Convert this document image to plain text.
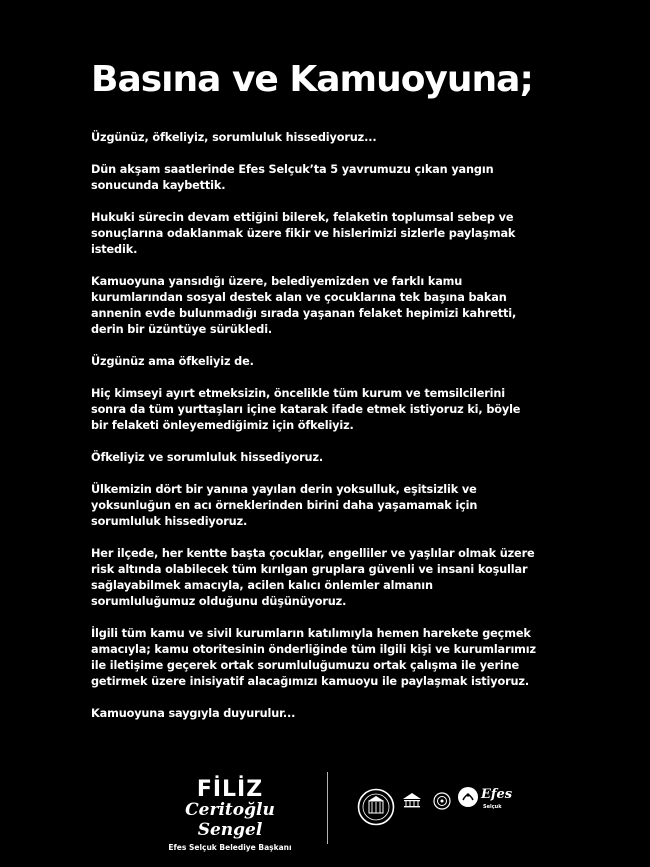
Basına ve Kamuoyuna;

Üzgünüz, öfkeliyiz, sorumluluk hissediyoruz...

Dün akşam saatlerinde Efes Selçuk’ta 5 yavrumuzu çıkan yangın
sonucunda kaybettik.

Hukuki sürecin devam ettiğini bilerek, felaketin toplumsal sebep ve
sonuçlarına odaklanmak üzere fikir ve hislerimizi sizlerle paylaşmak
istedik.

Kamuoyuna yansıdığı üzere, belediyemizden ve farklı kamu
kurumlarından sosyal destek alan ve çocuklarına tek başına bakan
annenin evde bulunmadığı sırada yaşanan felaket hepimizi kahretti,
derin bir üzüntüye sürükledi.

Üzgünüz ama öfkeliyiz de.

Hiç kimseyi ayırt etmeksizin, öncelikle tüm kurum ve temsilcilerini
sonra da tüm yurttaşları içine katarak ifade etmek istiyoruz ki, böyle
bir felaketi önleyemediğimiz için öfkeliyiz.

Öfkeliyiz ve sorumluluk hissediyoruz.

Ülkemizin dört bir yanına yayılan derin yoksulluk, eşitsizlik ve
yoksunluğun en acı örneklerinden birini daha yaşamamak için
sorumluluk hissediyoruz.

Her ilçede, her kentte başta çocuklar, engelliler ve yaşlılar olmak üzere
risk altında olabilecek tüm kırılgan gruplara güvenli ve insani koşullar
sağlayabilmek amacıyla, acilen kalıcı önlemler almanın
sorumluluğumuz olduğunu düşünüyoruz.

İlgili tüm kamu ve sivil kurumların katılımıyla hemen harekete geçmek
amacıyla; kamu otoritesinin önderliğinde tüm ilgili kişi ve kurumlarımız
ile iletişime geçerek ortak sorumluluğumuzu ortak çalışma ile yerine
getirmek üzere inisiyatif alacağımızı kamuoyu ile paylaşmak istiyoruz.

Kamuoyuna saygıyla duyurulur...

FİLİZ
Ceritoğlu Sengel
Efes Selçuk Belediye Başkanı
Efes
Selçuk
